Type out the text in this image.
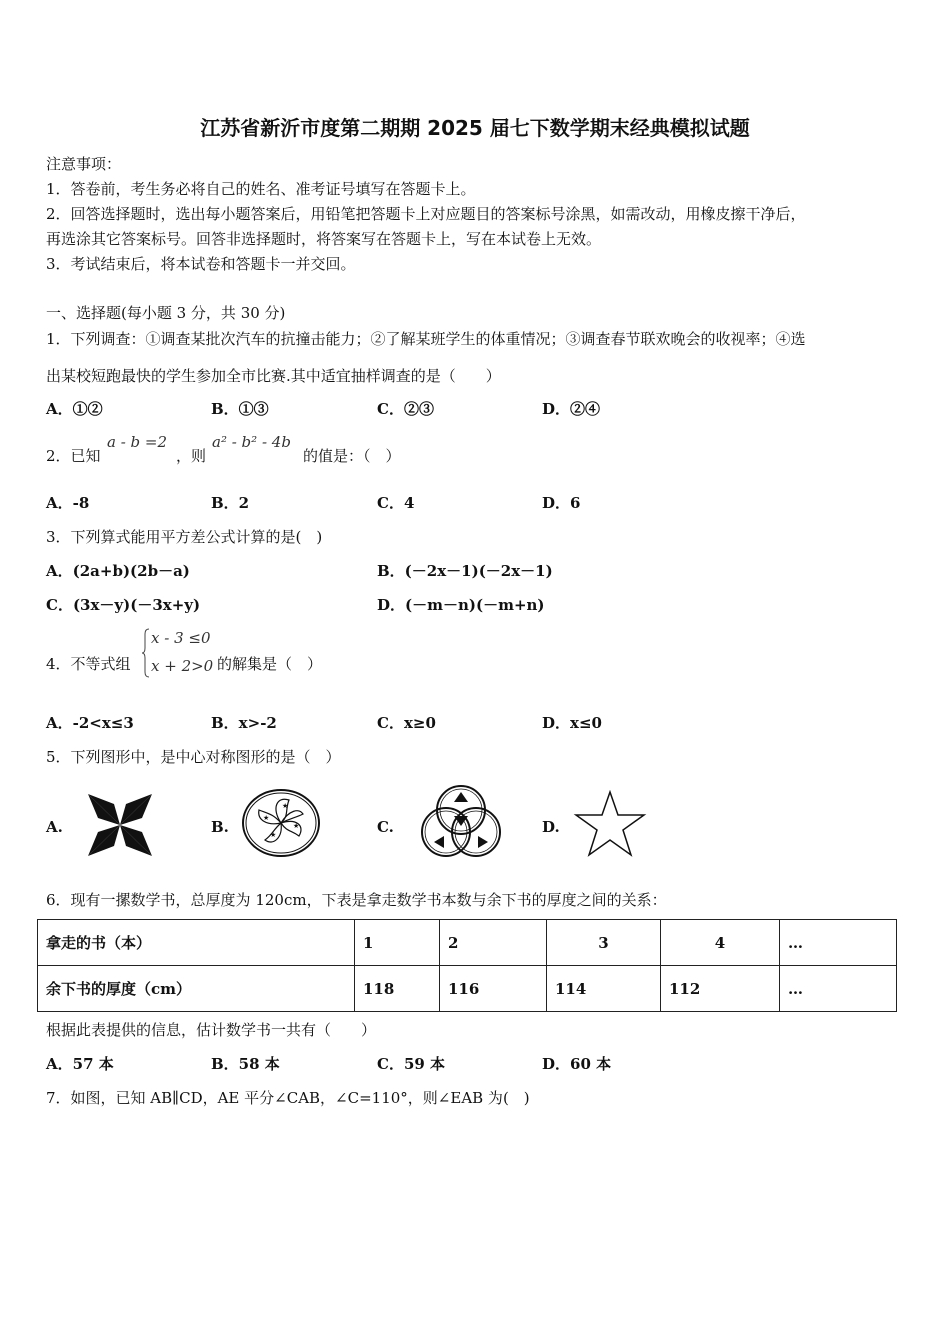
江苏省新沂市度第二期期 2025 届七下数学期末经典模拟试题
注意事项：
1．答卷前，考生务必将自己的姓名、准考证号填写在答题卡上。
2．回答选择题时，选出每小题答案后，用铅笔把答题卡上对应题目的答案标号涂黑，如需改动，用橡皮擦干净后，
再选涂其它答案标号。回答非选择题时，将答案写在答题卡上，写在本试卷上无效。
3．考试结束后，将本试卷和答题卡一并交回。
一、选择题(每小题 3 分，共 30 分)
1．下列调查：①调查某批次汽车的抗撞击能力；②了解某班学生的体重情况；③调查春节联欢晚会的收视率；④选
出某校短跑最快的学生参加全市比赛.其中适宜抽样调查的是（　　）
A．①②	B．①③	C．②③	D．②④
2．已知
a - b =2
，则
a² - b² - 4b
的值是：（　）
A．-8	B．2	C．4	D．6
3．下列算式能用平方差公式计算的是(　)
A．(2a+b)(2b－a)	B．(－2x－1)(－2x－1)
C．(3x－y)(－3x+y)	D．(－m－n)(－m+n)
4．不等式组
x - 3 ≤0
x + 2>0 的解集是（　）
A．-2<x≤3	B．x>-2	C．x≥0	D．x≤0
5．下列图形中，是中心对称图形的是（　）
A.	B.
★
★
★
★	C.	D.
6．现有一摞数学书，总厚度为 120cm，下表是拿走数学书本数与余下书的厚度之间的关系：
拿走的书（本）	1	2	3	4	…
余下书的厚度（cm）	118	116	114	112	…
根据此表提供的信息，估计数学书一共有（　　）
A．57 本	B．58 本	C．59 本	D．60 本
7．如图，已知 AB∥CD，AE 平分∠CAB，∠C=110°，则∠EAB 为(　)
